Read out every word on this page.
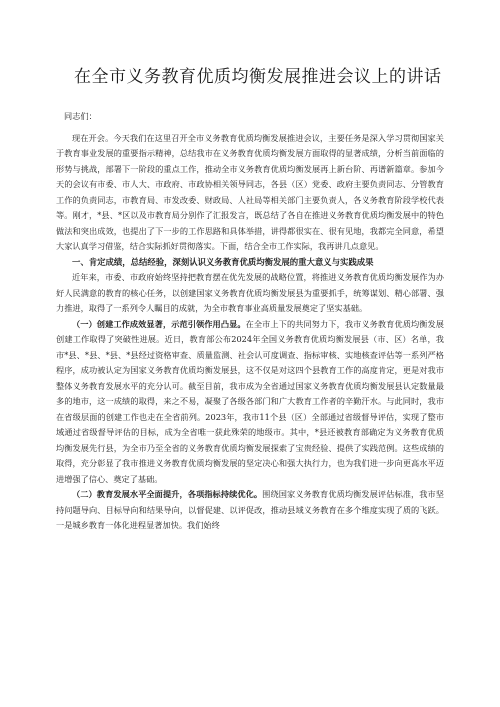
在全市义务教育优质均衡发展推进会议上的讲话
同志们：

现在开会。今天我们在这里召开全市义务教育优质均衡发展推进会议，主要任务是深入学习贯彻国家关于教育事业发展的重要指示精神，总结我市在义务教育优质均衡发展方面取得的显著成绩，分析当前面临的形势与挑战，部署下一阶段的重点工作，推动全市义务教育优质均衡发展再上新台阶、再谱新篇章。参加今天的会议有市委、市人大、市政府、市政协相关领导同志，各县（区）党委、政府主要负责同志、分管教育工作的负责同志，市教育局、市发改委、财政局、人社局等相关部门主要负责人，各义务教育阶段学校代表等。刚才，*县、*区以及市教育局分别作了汇报发言，既总结了各自在推进义务教育优质均衡发展中的特色做法和突出成效，也提出了下一步的工作思路和具体举措，讲得都很实在、很有见地，我都完全同意，希望大家认真学习借鉴，结合实际抓好贯彻落实。下面，结合全市工作实际，我再讲几点意见。

一、肯定成绩，总结经验，深刻认识义务教育优质均衡发展的重大意义与实践成果

近年来，市委、市政府始终坚持把教育摆在优先发展的战略位置，将推进义务教育优质均衡发展作为办好人民满意的教育的核心任务，以创建国家义务教育优质均衡发展县为重要抓手，统筹谋划、精心部署、强力推进，取得了一系列令人瞩目的成就，为全市教育事业高质量发展奠定了坚实基础。

（一）创建工作成效显著，示范引领作用凸显。在全市上下的共同努力下，我市义务教育优质均衡发展创建工作取得了突破性进展。近日，教育部公布2024年全国义务教育优质均衡发展县（市、区）名单，我市*县、*县、*县、*县经过资格审查、质量监测、社会认可度调查、指标审核、实地核查评估等一系列严格程序，成功被认定为国家义务教育优质均衡发展县，这不仅是对这四个县教育工作的高度肯定，更是对我市整体义务教育发展水平的充分认可。截至目前，我市成为全省通过国家义务教育优质均衡发展县认定数量最多的地市，这一成绩的取得，来之不易，凝聚了各级各部门和广大教育工作者的辛勤汗水。与此同时，我市在省级层面的创建工作也走在全省前列。2023年，我市11个县（区）全部通过省级督导评估，实现了整市域通过省级督导评估的目标，成为全省唯一获此殊荣的地级市。其中，*县还被教育部确定为义务教育优质均衡发展先行县，为全市乃至全省的义务教育优质均衡发展探索了宝贵经验、提供了实践范例。这些成绩的取得，充分彰显了我市推进义务教育优质均衡发展的坚定决心和强大执行力，也为我们进一步向更高水平迈进增强了信心、奠定了基础。

（二）教育发展水平全面提升，各项指标持续优化。围绕国家义务教育优质均衡发展评估标准，我市坚持问题导向、目标导向和结果导向，以督促建、以评促改，推动县域义务教育在多个维度实现了质的飞跃。一是城乡教育一体化进程显著加快。我们始终
